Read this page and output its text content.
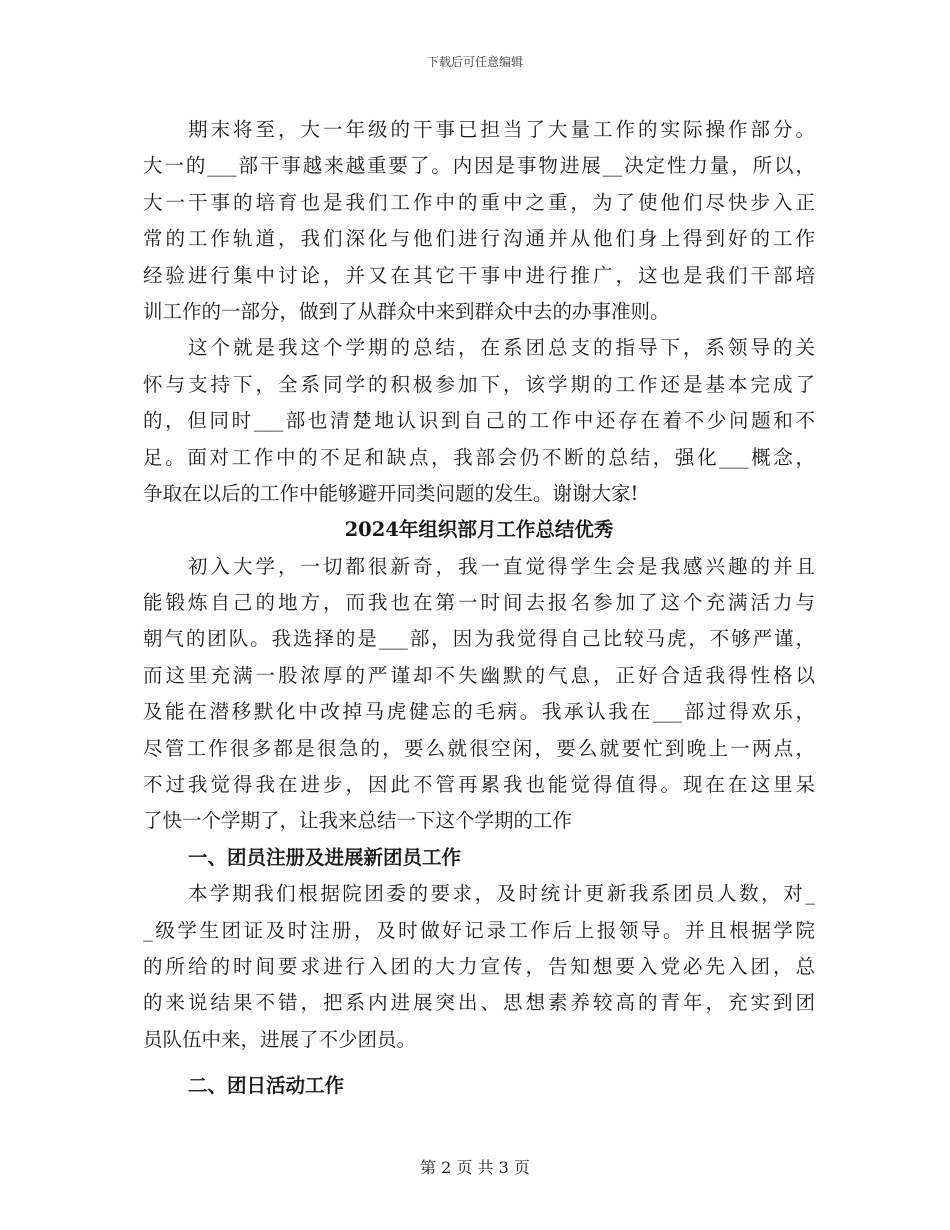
下载后可任意编辑
期末将至，大一年级的干事已担当了大量工作的实际操作部分。
大一的___部干事越来越重要了。内因是事物进展__决定性力量，所以，
大一干事的培育也是我们工作中的重中之重，为了使他们尽快步入正
常的工作轨道，我们深化与他们进行沟通并从他们身上得到好的工作
经验进行集中讨论，并又在其它干事中进行推广，这也是我们干部培
训工作的一部分，做到了从群众中来到群众中去的办事准则。
这个就是我这个学期的总结，在系团总支的指导下，系领导的关
怀与支持下，全系同学的积极参加下，该学期的工作还是基本完成了
的，但同时___部也清楚地认识到自己的工作中还存在着不少问题和不
足。面对工作中的不足和缺点，我部会仍不断的总结，强化___概念，
争取在以后的工作中能够避开同类问题的发生。谢谢大家!
2024年组织部月工作总结优秀
初入大学，一切都很新奇，我一直觉得学生会是我感兴趣的并且
能锻炼自己的地方，而我也在第一时间去报名参加了这个充满活力与
朝气的团队。我选择的是___部，因为我觉得自己比较马虎，不够严谨，
而这里充满一股浓厚的严谨却不失幽默的气息，正好合适我得性格以
及能在潜移默化中改掉马虎健忘的毛病。我承认我在___部过得欢乐，
尽管工作很多都是很急的，要么就很空闲，要么就要忙到晚上一两点，
不过我觉得我在进步，因此不管再累我也能觉得值得。现在在这里呆
了快一个学期了，让我来总结一下这个学期的工作
一、团员注册及进展新团员工作
本学期我们根据院团委的要求，及时统计更新我系团员人数，对_
_级学生团证及时注册，及时做好记录工作后上报领导。并且根据学院
的所给的时间要求进行入团的大力宣传，告知想要入党必先入团，总
的来说结果不错，把系内进展突出、思想素养较高的青年，充实到团
员队伍中来，进展了不少团员。
二、团日活动工作
第 2 页 共 3 页
